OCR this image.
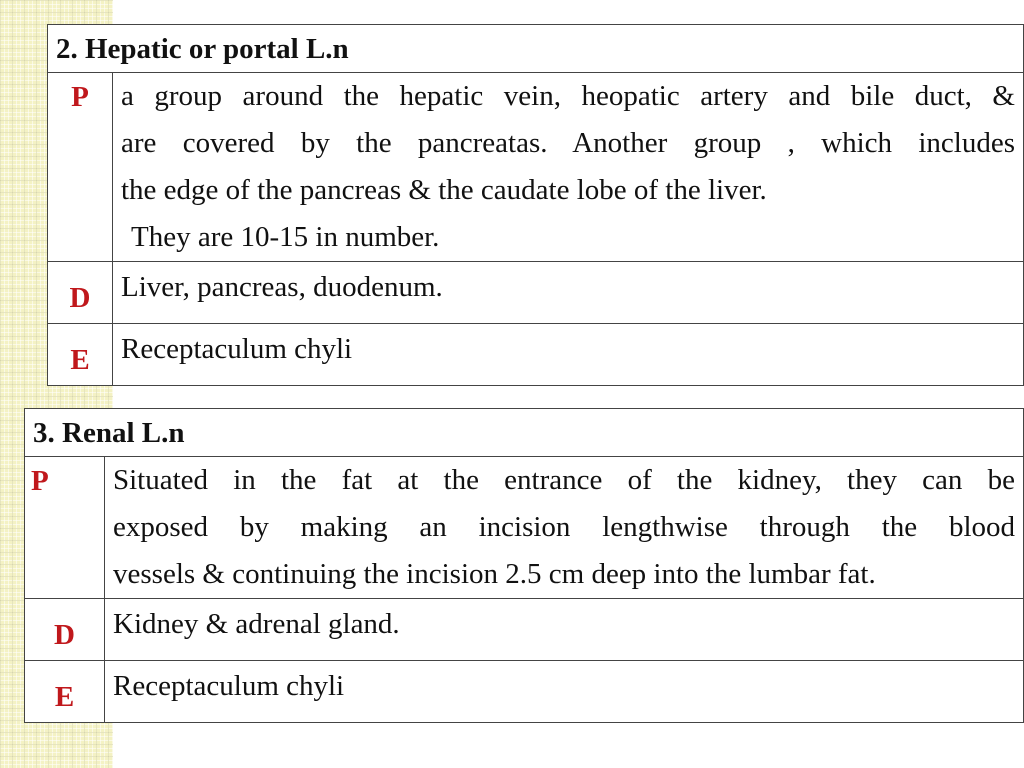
2. Hepatic or portal L.n	

P	a group around the hepatic vein, heopatic artery and bile duct, &
are covered by the pancreatas. Another group , which includes
the edge of the pancreas & the caudate lobe of the liver.
They are 10-15 in number.

D	Liver, pancreas, duodenum.

E	Receptaculum chyli
3. Renal L.n	

P	Situated in the fat at the entrance of the kidney, they can be
exposed by making an incision lengthwise through the blood
vessels & continuing the incision 2.5 cm deep into the lumbar fat.

D	Kidney & adrenal gland.

E	Receptaculum chyli
